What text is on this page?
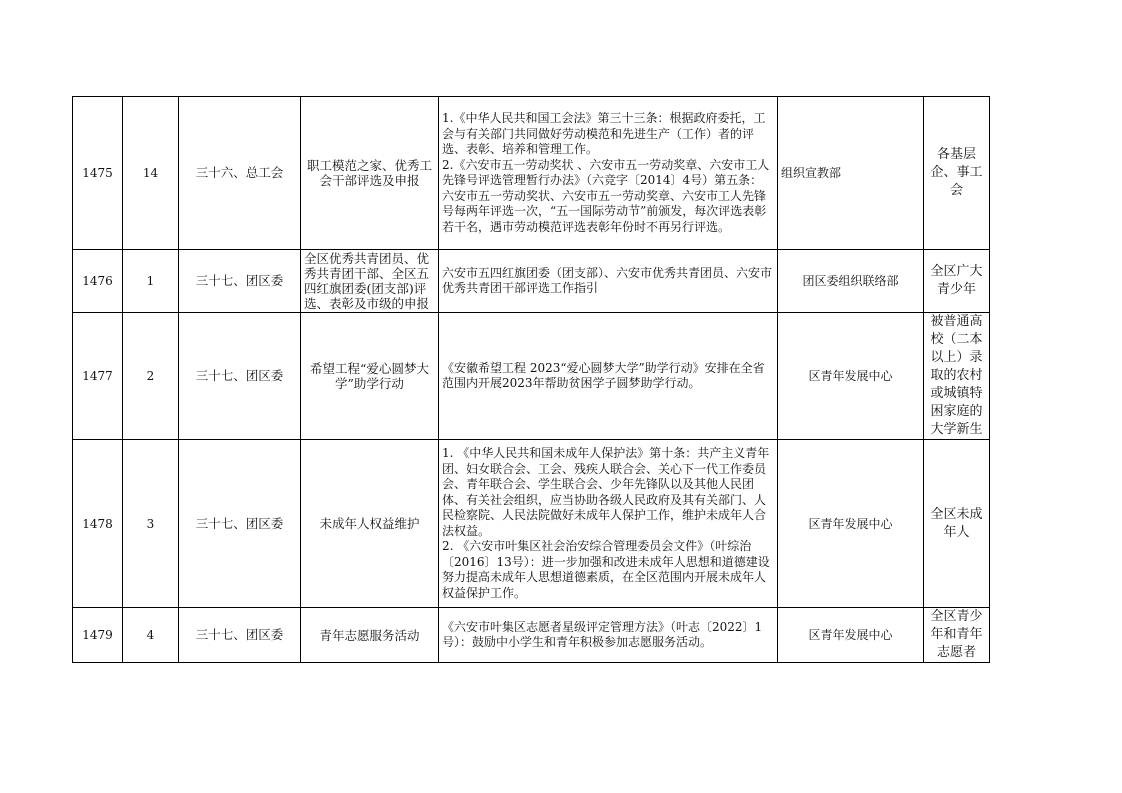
1475	14	三十六、总工会	职工模范之家、优秀工会干部评选及申报	1.《中华人民共和国工会法》第三十三条：根据政府委托，工会与有关部门共同做好劳动模范和先进生产（工作）者的评选、表彰、培养和管理工作。

2.《六安市五一劳动奖状 、六安市五一劳动奖章、六安市工人先锋号评选管理暂行办法》（六竞字〔2014〕4号）第五条：六安市五一劳动奖状、六安市五一劳动奖章、六安市工人先锋号每两年评选一次，“五一国际劳动节”前颁发，每次评选表彰若干名，遇市劳动模范评选表彰年份时不再另行评选。	组织宣教部	各基层企、事工会
1476	1	三十七、团区委	全区优秀共青团员、优秀共青团干部、全区五四红旗团委(团支部)评选、表彰及市级的申报	六安市五四红旗团委（团支部）、六安市优秀共青团员、六安市优秀共青团干部评选工作指引	团区委组织联络部	全区广大青少年
1477	2	三十七、团区委	希望工程“爱心圆梦大学”助学行动	《安徽希望工程 2023“爱心圆梦大学”助学行动》安排在全省范围内开展2023年帮助贫困学子圆梦助学行动。	区青年发展中心	被普通高校（二本以上）录取的农村或城镇特困家庭的大学新生
1478	3	三十七、团区委	未成年人权益维护	1. 《中华人民共和国未成年人保护法》第十条：共产主义青年团、妇女联合会、工会、残疾人联合会、关心下一代工作委员会、青年联合会、学生联合会、少年先锋队以及其他人民团体、有关社会组织，应当协助各级人民政府及其有关部门、人民检察院、人民法院做好未成年人保护工作，维护未成年人合法权益。

2. 《六安市叶集区社会治安综合管理委员会文件》（叶综治〔2016〕13号）：进一步加强和改进未成年人思想和道德建设努力提高未成年人思想道德素质，在全区范围内开展未成年人权益保护工作。	区青年发展中心	全区未成年人
1479	4	三十七、团区委	青年志愿服务活动	《六安市叶集区志愿者星级评定管理方法》（叶志〔2022〕1号）：鼓励中小学生和青年积极参加志愿服务活动。	区青年发展中心	全区青少年和青年志愿者
